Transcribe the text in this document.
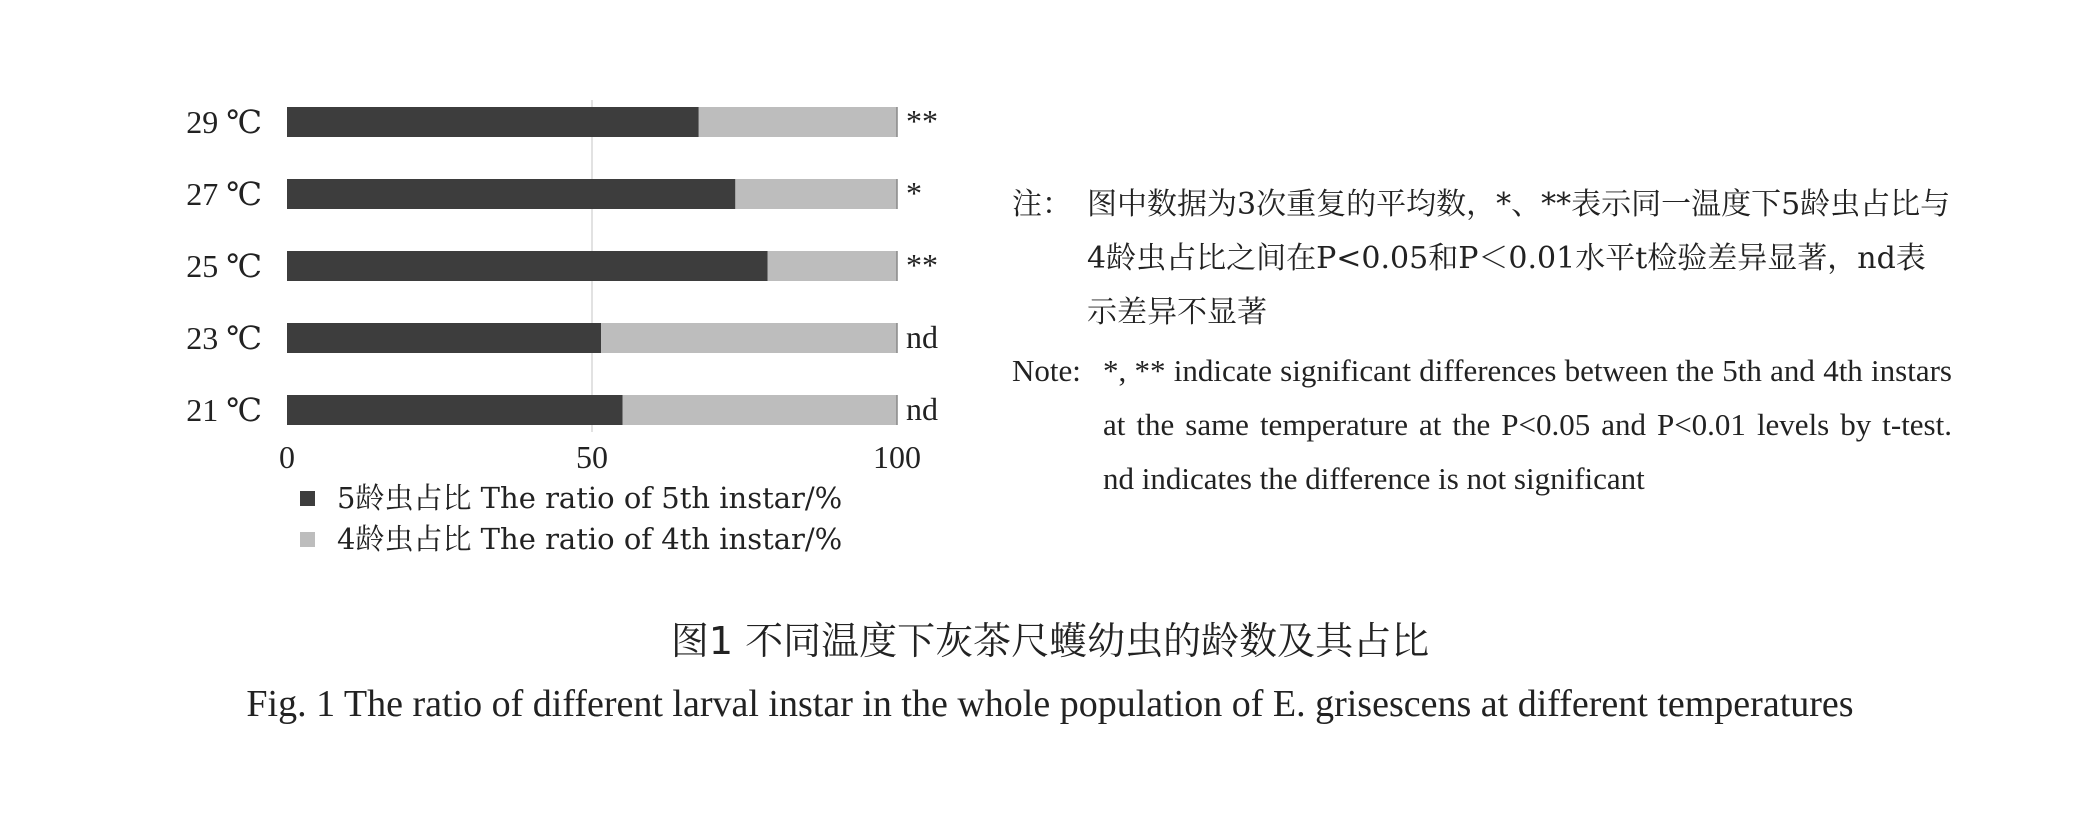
29 ℃	**
27 ℃	*
25 ℃	**
23 ℃	nd
21 ℃	nd
0	50	100
5龄虫占比 The ratio of 5th instar/%
4龄虫占比 The ratio of 4th instar/%
注： 图中数据为3次重复的平均数，*、**表示同一温度下5龄虫占比与4龄虫占比之间在P<0.05和P＜0.01水平t检验差异显著，nd表示差异不显著
Note: *, ** indicate significant differences between the 5th and 4th instars at the same temperature at the P<0.05 and P<0.01 levels by t-test. nd indicates the difference is not significant
图1 不同温度下灰茶尺蠖幼虫的龄数及其占比
Fig. 1 The ratio of different larval instar in the whole population of E. grisescens at different temperatures
